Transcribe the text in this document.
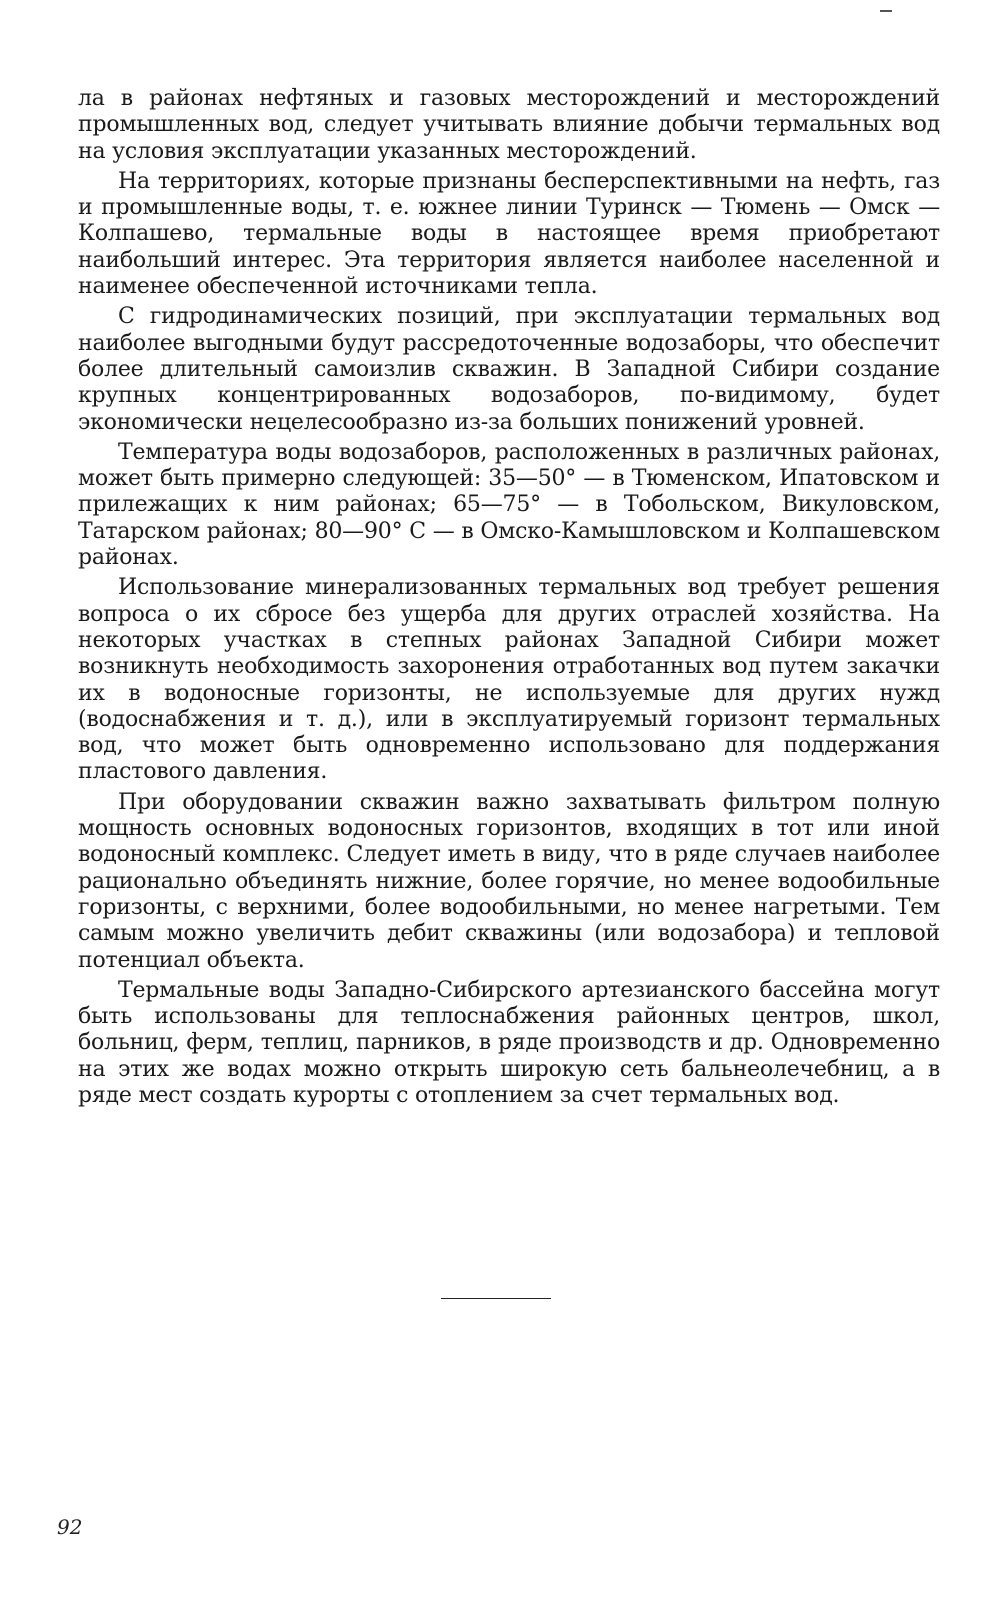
ла в районах нефтяных и газовых месторождений и месторождений промышленных вод, следует учитывать влияние добычи термальных вод на условия эксплуатации указанных месторождений.

На территориях, которые признаны бесперспективными на нефть, газ и промышленные воды, т. е. южнее линии Туринск — Тюмень — Омск — Колпашево, термальные воды в настоящее время приобретают наибольший интерес. Эта территория является наиболее населенной и наименее обеспеченной источниками тепла.

С гидродинамических позиций, при эксплуатации термальных вод наиболее выгодными будут рассредоточенные водозаборы, что обеспечит более длительный самоизлив скважин. В Западной Сибири создание крупных концентрированных водозаборов, по-видимому, будет экономически нецелесообразно из-за больших понижений уровней.

Температура воды водозаборов, расположенных в различных районах, может быть примерно следующей: 35—50° — в Тюменском, Ипатовском и прилежащих к ним районах; 65—75° — в Тобольском, Викуловском, Татарском районах; 80—90° С — в Омско-Камышловском и Колпашевском районах.

Использование минерализованных термальных вод требует решения вопроса о их сбросе без ущерба для других отраслей хозяйства. На некоторых участках в степных районах Западной Сибири может возникнуть необходимость захоронения отработанных вод путем закачки их в водоносные горизонты, не используемые для других нужд (водоснабжения и т. д.), или в эксплуатируемый горизонт термальных вод, что может быть одновременно использовано для поддержания пластового давления.

При оборудовании скважин важно захватывать фильтром полную мощность основных водоносных горизонтов, входящих в тот или иной водоносный комплекс. Следует иметь в виду, что в ряде случаев наиболее рационально объединять нижние, более горячие, но менее водообильные горизонты, с верхними, более водообильными, но менее нагретыми. Тем самым можно увеличить дебит скважины (или водозабора) и тепловой потенциал объекта.

Термальные воды Западно-Сибирского артезианского бассейна могут быть использованы для теплоснабжения районных центров, школ, больниц, ферм, теплиц, парников, в ряде производств и др. Одновременно на этих же водах можно открыть широкую сеть бальнеолечебниц, а в ряде мест создать курорты с отоплением за счет термальных вод.

92
